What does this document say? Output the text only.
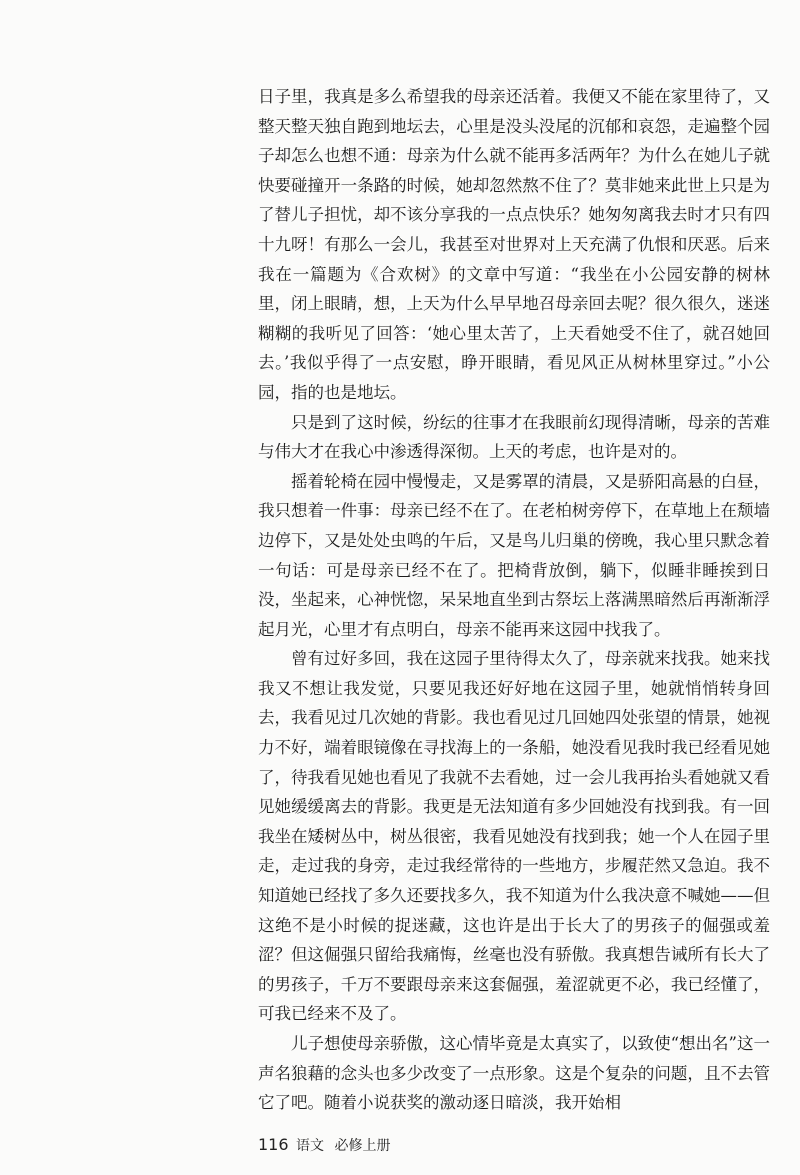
日子里，我真是多么希望我的母亲还活着。我便又不能在家里待了，又整天整天独自跑到地坛去，心里是没头没尾的沉郁和哀怨，走遍整个园子却怎么也想不通：母亲为什么就不能再多活两年？为什么在她儿子就快要碰撞开一条路的时候，她却忽然熬不住了？莫非她来此世上只是为了替儿子担忧，却不该分享我的一点点快乐？她匆匆离我去时才只有四十九呀！有那么一会儿，我甚至对世界对上天充满了仇恨和厌恶。后来我在一篇题为《合欢树》的文章中写道：“我坐在小公园安静的树林里，闭上眼睛，想，上天为什么早早地召母亲回去呢？很久很久，迷迷糊糊的我听见了回答：‘她心里太苦了，上天看她受不住了，就召她回去。’我似乎得了一点安慰，睁开眼睛，看见风正从树林里穿过。”小公园，指的也是地坛。

只是到了这时候，纷纭的往事才在我眼前幻现得清晰，母亲的苦难与伟大才在我心中渗透得深彻。上天的考虑，也许是对的。

摇着轮椅在园中慢慢走，又是雾罩的清晨，又是骄阳高悬的白昼，我只想着一件事：母亲已经不在了。在老柏树旁停下，在草地上在颓墙边停下，又是处处虫鸣的午后，又是鸟儿归巢的傍晚，我心里只默念着一句话：可是母亲已经不在了。把椅背放倒，躺下，似睡非睡挨到日没，坐起来，心神恍惚，呆呆地直坐到古祭坛上落满黑暗然后再渐渐浮起月光，心里才有点明白，母亲不能再来这园中找我了。

曾有过好多回，我在这园子里待得太久了，母亲就来找我。她来找我又不想让我发觉，只要见我还好好地在这园子里，她就悄悄转身回去，我看见过几次她的背影。我也看见过几回她四处张望的情景，她视力不好，端着眼镜像在寻找海上的一条船，她没看见我时我已经看见她了，待我看见她也看见了我就不去看她，过一会儿我再抬头看她就又看见她缓缓离去的背影。我更是无法知道有多少回她没有找到我。有一回我坐在矮树丛中，树丛很密，我看见她没有找到我；她一个人在园子里走，走过我的身旁，走过我经常待的一些地方，步履茫然又急迫。我不知道她已经找了多久还要找多久，我不知道为什么我决意不喊她——但这绝不是小时候的捉迷藏，这也许是出于长大了的男孩子的倔强或羞涩？但这倔强只留给我痛悔，丝毫也没有骄傲。我真想告诫所有长大了的男孩子，千万不要跟母亲来这套倔强，羞涩就更不必，我已经懂了，可我已经来不及了。

儿子想使母亲骄傲，这心情毕竟是太真实了，以致使“想出名”这一声名狼藉的念头也多少改变了一点形象。这是个复杂的问题，且不去管它了吧。随着小说获奖的激动逐日暗淡，我开始相

116 语文 必修上册
